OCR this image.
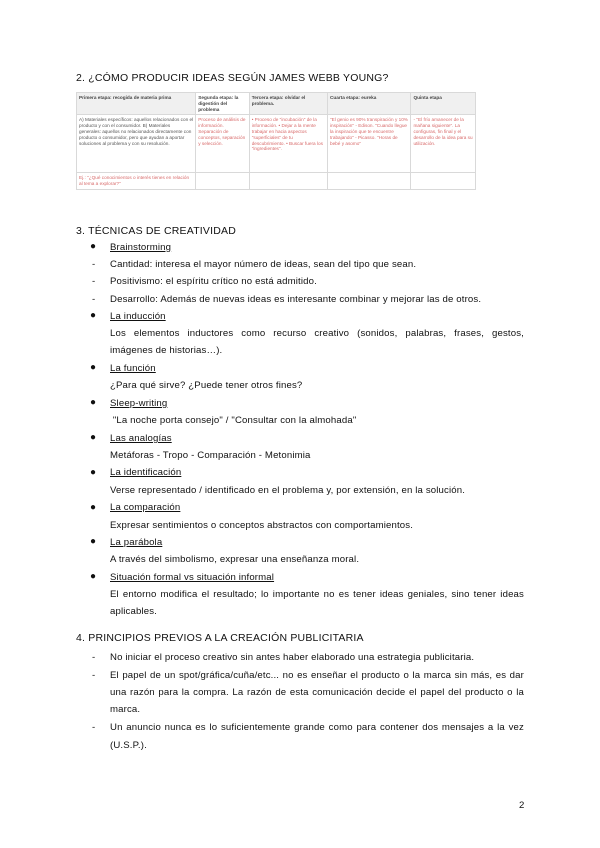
2. ¿CÓMO PRODUCIR IDEAS SEGÚN JAMES WEBB YOUNG?
Primera etapa: recogida de materia prima	Segunda etapa: la digestión del problema	Tercera etapa: olvidar el problema.	Cuarta etapa: eureka	Quinta etapa
A) Materiales específicos: aquellos relacionados con el producto y con el consumidor. B) Materiales generales: aquellos no relacionados directamente con producto o consumidor, pero que ayudan a aportar soluciones al problema y con su resolución.	Proceso de análisis de información. Separación de conceptos, separación y selección.	• Proceso de "incubación" de la información. • Dejar a la mente trabajar en hacia aspectos "superficiales" de tu descubrimiento. • Buscar fuera los "ingredientes".	"El genio es 90% transpiración y 10% inspiración" - Edison. "Cuando llegue la inspiración que te encuentre trabajando" - Picasso. "Horas de bebé y asomo"	- "El frío amanecer de la mañana siguiente". La configuras, fin final y el desarrollo de la idea para su utilización.
Ej.: "¿Qué conocimientos o interés tienes en relación al tema a explorar?"				
3. TÉCNICAS DE CREATIVIDAD
● Brainstorming
- Cantidad: interesa el mayor número de ideas, sean del tipo que sean.
- Positivismo: el espíritu crítico no está admitido.
- Desarrollo: Además de nuevas ideas es interesante combinar y mejorar las de otros.
● La inducción
Los elementos inductores como recurso creativo (sonidos, palabras, frases, gestos,
imágenes de historias…).
● La función
¿Para qué sirve? ¿Puede tener otros fines?
● Sleep-writing
"La noche porta consejo" / "Consultar con la almohada"
● Las analogías
Metáforas - Tropo - Comparación - Metonimia
● La identificación
Verse representado / identificado en el problema y, por extensión, en la solución.
● La comparación
Expresar sentimientos o conceptos abstractos con comportamientos.
● La parábola
A través del simbolismo, expresar una enseñanza moral.
● Situación formal vs situación informal
El entorno modifica el resultado; lo importante no es tener ideas geniales, sino tener ideas
aplicables.
4. PRINCIPIOS PREVIOS A LA CREACIÓN PUBLICITARIA
- No iniciar el proceso creativo sin antes haber elaborado una estrategia publicitaria.
- El papel de un spot/gráfica/cuña/etc... no es enseñar el producto o la marca sin más, es dar
una razón para la compra. La razón de esta comunicación decide el papel del producto o la
marca.
- Un anuncio nunca es lo suficientemente grande como para contener dos mensajes a la vez
(U.S.P.).
2
